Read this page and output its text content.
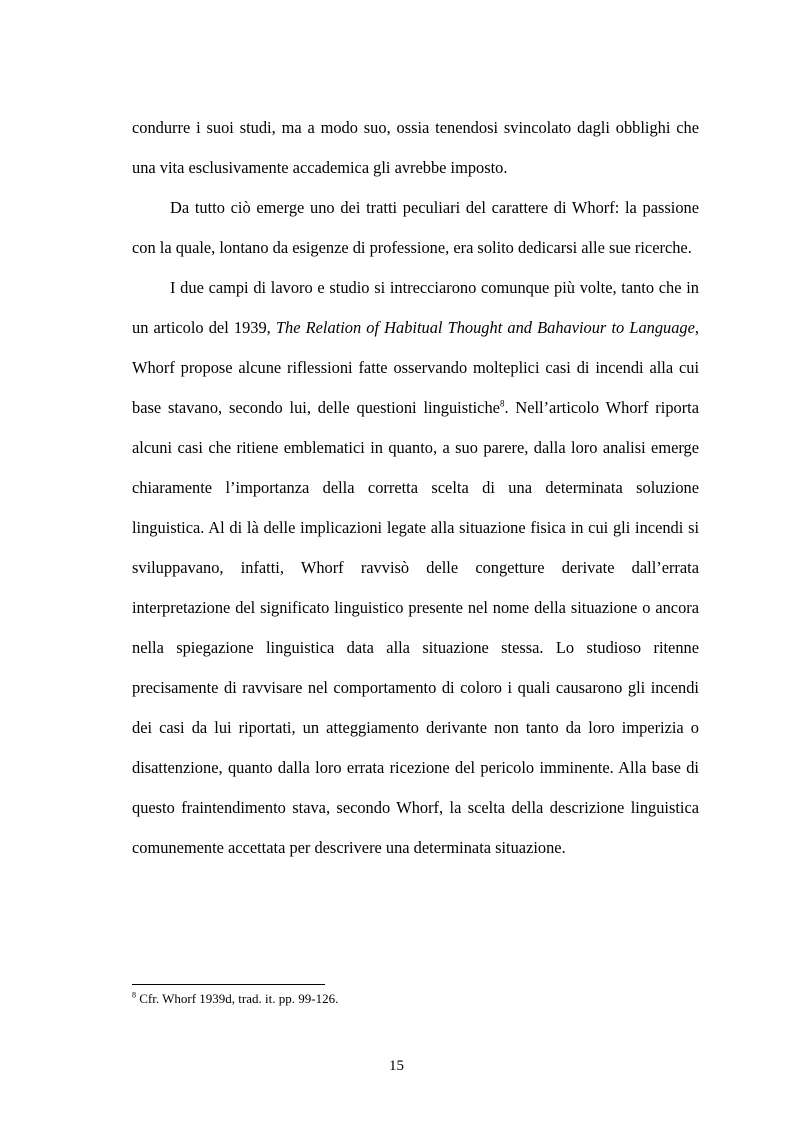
condurre i suoi studi, ma a modo suo, ossia tenendosi svincolato dagli obblighi che una vita esclusivamente accademica gli avrebbe imposto.

Da tutto ciò emerge uno dei tratti peculiari del carattere di Whorf: la passione con la quale, lontano da esigenze di professione, era solito dedicarsi alle sue ricerche.

I due campi di lavoro e studio si intrecciarono comunque più volte, tanto che in un articolo del 1939, The Relation of Habitual Thought and Bahaviour to Language, Whorf propose alcune riflessioni fatte osservando molteplici casi di incendi alla cui base stavano, secondo lui, delle questioni linguistiche$^8$. Nell’articolo Whorf riporta alcuni casi che ritiene emblematici in quanto, a suo parere, dalla loro analisi emerge chiaramente l’importanza della corretta scelta di una determinata soluzione linguistica. Al di là delle implicazioni legate alla situazione fisica in cui gli incendi si sviluppavano, infatti, Whorf ravvisò delle congetture derivate dall’errata interpretazione del significato linguistico presente nel nome della situazione o ancora nella spiegazione linguistica data alla situazione stessa. Lo studioso ritenne precisamente di ravvisare nel comportamento di coloro i quali causarono gli incendi dei casi da lui riportati, un atteggiamento derivante non tanto da loro imperizia o disattenzione, quanto dalla loro errata ricezione del pericolo imminente. Alla base di questo fraintendimento stava, secondo Whorf, la scelta della descrizione linguistica comunemente accettata per descrivere una determinata situazione.

$^8$ Cfr. Whorf 1939d, trad. it. pp. 99-126.
15
